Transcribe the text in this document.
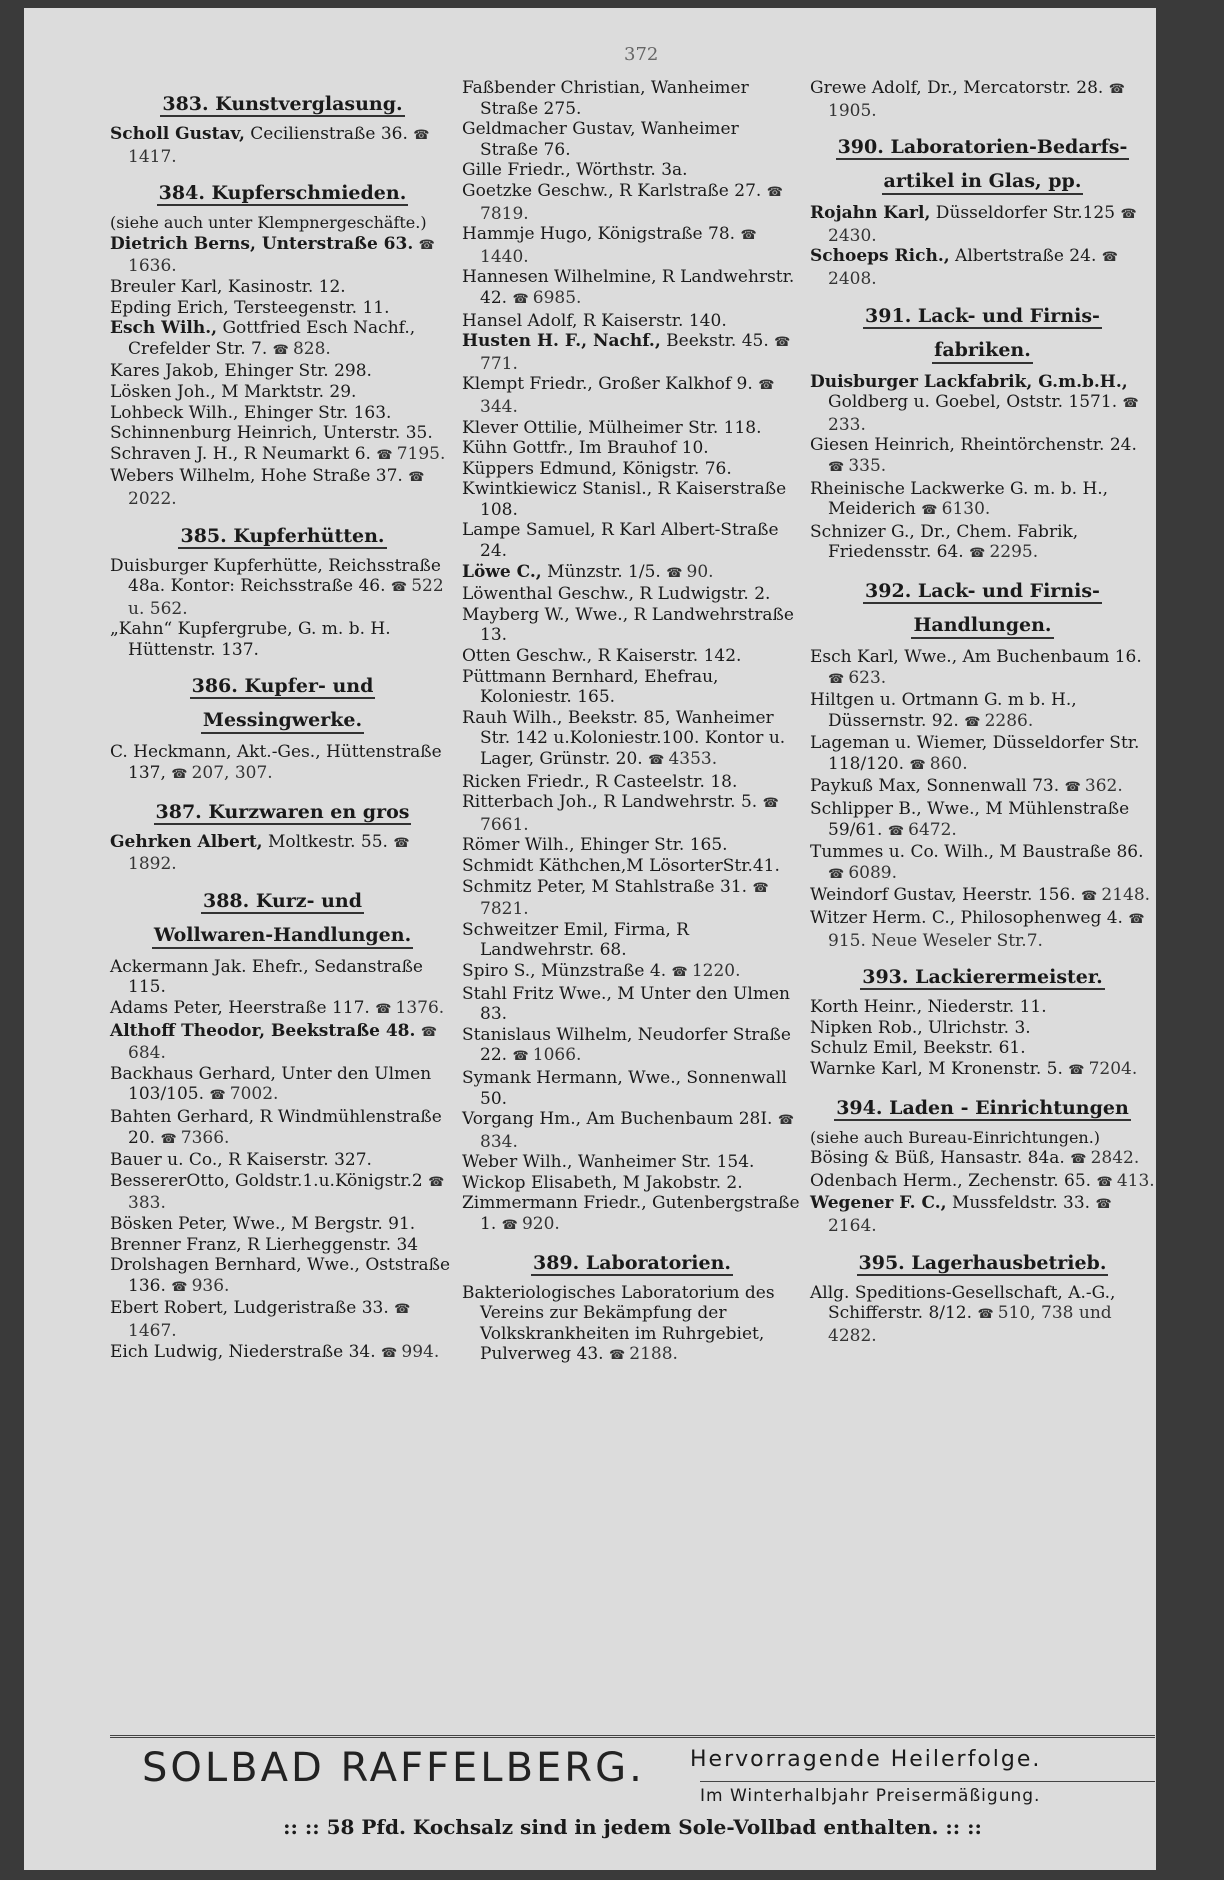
372
383. Kunstverglasung.
Scholl Gustav, Cecilienstraße 36. ☎ 1417.
384. Kupferschmieden.
(siehe auch unter Klempnergeschäfte.)
Dietrich Berns, Unterstraße 63. ☎ 1636.
Breuler Karl, Kasinostr. 12.
Epding Erich, Tersteegenstr. 11.
Esch Wilh., Gottfried Esch Nachf., Crefelder Str. 7. ☎ 828.
Kares Jakob, Ehinger Str. 298.
Lösken Joh., M Marktstr. 29.
Lohbeck Wilh., Ehinger Str. 163.
Schinnenburg Heinrich, Unterstr. 35.
Schraven J. H., R Neumarkt 6. ☎ 7195.
Webers Wilhelm, Hohe Straße 37. ☎ 2022.
385. Kupferhütten.
Duisburger Kupferhütte, Reichsstraße 48a. Kontor: Reichsstraße 46. ☎ 522 u. 562.
„Kahn“ Kupfergrube, G. m. b. H. Hüttenstr. 137.
386. Kupfer- und
Messingwerke.
C. Heckmann, Akt.-Ges., Hüttenstraße 137, ☎ 207, 307.
387. Kurzwaren en gros
Gehrken Albert, Moltkestr. 55. ☎ 1892.
388. Kurz- und
Wollwaren-Handlungen.
Ackermann Jak. Ehefr., Sedanstraße 115.
Adams Peter, Heerstraße 117. ☎ 1376.
Althoff Theodor, Beekstraße 48. ☎ 684.
Backhaus Gerhard, Unter den Ulmen 103/105. ☎ 7002.
Bahten Gerhard, R Windmühlenstraße 20. ☎ 7366.
Bauer u. Co., R Kaiserstr. 327.
BessererOtto, Goldstr.1.u.Königstr.2 ☎ 383.
Bösken Peter, Wwe., M Bergstr. 91.
Brenner Franz, R Lierheggenstr. 34
Drolshagen Bernhard, Wwe., Oststraße 136. ☎ 936.
Ebert Robert, Ludgeristraße 33. ☎ 1467.
Eich Ludwig, Niederstraße 34. ☎ 994.
Faßbender Christian, Wanheimer Straße 275.
Geldmacher Gustav, Wanheimer Straße 76.
Gille Friedr., Wörthstr. 3a.
Goetzke Geschw., R Karlstraße 27. ☎ 7819.
Hammje Hugo, Königstraße 78. ☎ 1440.
Hannesen Wilhelmine, R Landwehrstr. 42. ☎ 6985.
Hansel Adolf, R Kaiserstr. 140.
Husten H. F., Nachf., Beekstr. 45. ☎ 771.
Klempt Friedr., Großer Kalkhof 9. ☎ 344.
Klever Ottilie, Mülheimer Str. 118.
Kühn Gottfr., Im Brauhof 10.
Küppers Edmund, Königstr. 76.
Kwintkiewicz Stanisl., R Kaiserstraße 108.
Lampe Samuel, R Karl Albert-Straße 24.
Löwe C., Münzstr. 1/5. ☎ 90.
Löwenthal Geschw., R Ludwigstr. 2.
Mayberg W., Wwe., R Landwehrstraße 13.
Otten Geschw., R Kaiserstr. 142.
Püttmann Bernhard, Ehefrau, Koloniestr. 165.
Rauh Wilh., Beekstr. 85, Wanheimer Str. 142 u.Koloniestr.100. Kontor u. Lager, Grünstr. 20. ☎ 4353.
Ricken Friedr., R Casteelstr. 18.
Ritterbach Joh., R Landwehrstr. 5. ☎ 7661.
Römer Wilh., Ehinger Str. 165.
Schmidt Käthchen,M LösorterStr.41.
Schmitz Peter, M Stahlstraße 31. ☎ 7821.
Schweitzer Emil, Firma, R Landwehrstr. 68.
Spiro S., Münzstraße 4. ☎ 1220.
Stahl Fritz Wwe., M Unter den Ulmen 83.
Stanislaus Wilhelm, Neudorfer Straße 22. ☎ 1066.
Symank Hermann, Wwe., Sonnenwall 50.
Vorgang Hm., Am Buchenbaum 28I. ☎ 834.
Weber Wilh., Wanheimer Str. 154.
Wickop Elisabeth, M Jakobstr. 2.
Zimmermann Friedr., Gutenbergstraße 1. ☎ 920.
389. Laboratorien.
Bakteriologisches Laboratorium des Vereins zur Bekämpfung der Volkskrankheiten im Ruhrgebiet, Pulverweg 43. ☎ 2188.
Grewe Adolf, Dr., Mercatorstr. 28. ☎ 1905.
390. Laboratorien-Bedarfs-
artikel in Glas, pp.
Rojahn Karl, Düsseldorfer Str.125 ☎ 2430.
Schoeps Rich., Albertstraße 24. ☎ 2408.
391. Lack- und Firnis-
fabriken.
Duisburger Lackfabrik, G.m.b.H., Goldberg u. Goebel, Oststr. 1571. ☎ 233.
Giesen Heinrich, Rheintörchenstr. 24. ☎ 335.
Rheinische Lackwerke G. m. b. H., Meiderich ☎ 6130.
Schnizer G., Dr., Chem. Fabrik, Friedensstr. 64. ☎ 2295.
392. Lack- und Firnis-
Handlungen.
Esch Karl, Wwe., Am Buchenbaum 16. ☎ 623.
Hiltgen u. Ortmann G. m b. H., Düssernstr. 92. ☎ 2286.
Lageman u. Wiemer, Düsseldorfer Str. 118/120. ☎ 860.
Paykuß Max, Sonnenwall 73. ☎ 362.
Schlipper B., Wwe., M Mühlenstraße 59/61. ☎ 6472.
Tummes u. Co. Wilh., M Baustraße 86. ☎ 6089.
Weindorf Gustav, Heerstr. 156. ☎ 2148.
Witzer Herm. C., Philosophenweg 4. ☎ 915. Neue Weseler Str.7.
393. Lackierermeister.
Korth Heinr., Niederstr. 11.
Nipken Rob., Ulrichstr. 3.
Schulz Emil, Beekstr. 61.
Warnke Karl, M Kronenstr. 5. ☎ 7204.
394. Laden - Einrichtungen
(siehe auch Bureau-Einrichtungen.)
Bösing & Büß, Hansastr. 84a. ☎ 2842.
Odenbach Herm., Zechenstr. 65. ☎ 413.
Wegener F. C., Mussfeldstr. 33. ☎ 2164.
395. Lagerhausbetrieb.
Allg. Speditions-Gesellschaft, A.-G., Schifferstr. 8/12. ☎ 510, 738 und 4282.
SOLBAD RAFFELBERG. Hervorragende Heilerfolge.
Im Winterhalbjahr Preisermäßigung.
:: :: 58 Pfd. Kochsalz sind in jedem Sole-Vollbad enthalten. :: ::
